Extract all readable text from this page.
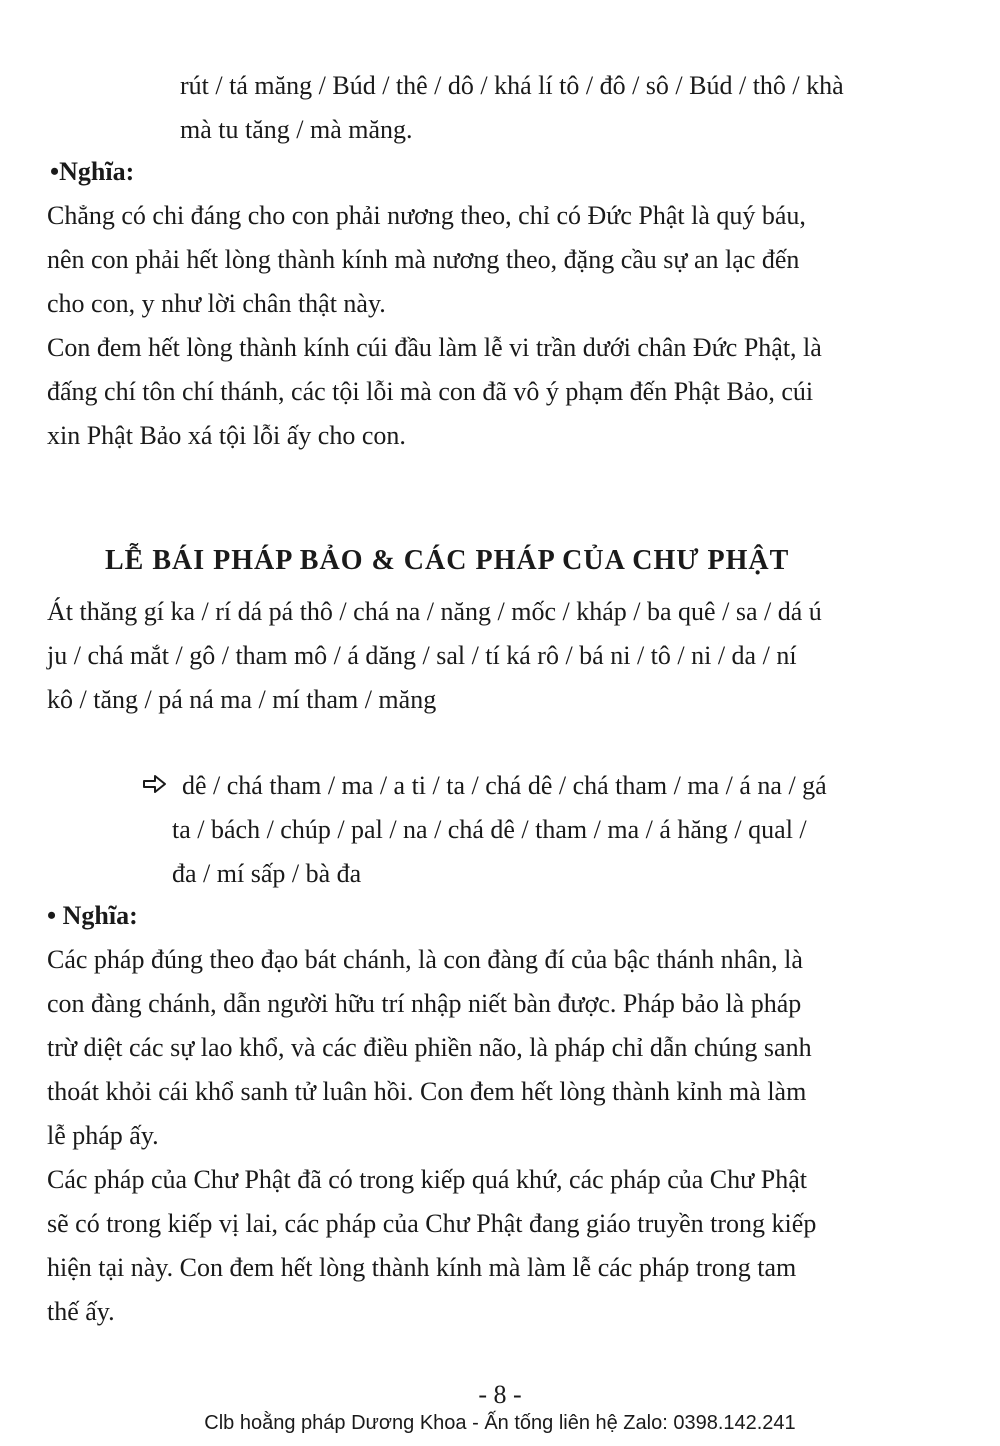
rút / tá măng / Búd / thê / dô / khá lí tô / đô / sô / Búd / thô / khà

mà tu tăng / mà măng.

•Nghĩa:

Chẳng có chi đáng cho con phải nương theo, chỉ có Đức Phật là quý báu,

nên con phải hết lòng thành kính mà nương theo, đặng cầu sự an lạc đến

cho con, y như lời chân thật này.

Con đem hết lòng thành kính cúi đầu làm lễ vi trần dưới chân Đức Phật, là

đấng chí tôn chí thánh, các tội lỗi mà con đã vô ý phạm đến Phật Bảo, cúi

xin Phật Bảo xá tội lỗi ấy cho con.

LỄ BÁI PHÁP BẢO & CÁC PHÁP CỦA CHƯ PHẬT

Át thăng gí ka / rí dá pá thô / chá na / năng / mốc / kháp / ba quê / sa / dá ú

ju / chá mắt / gô / tham mô / á dăng / sal / tí ká rô / bá ni / tô / ni / da / ní

kô / tăng / pá ná ma / mí tham / măng

dê / chá tham / ma / a ti / ta / chá dê / chá tham / ma / á na / gá

ta / bách / chúp / pal / na / chá dê / tham / ma / á hăng / qual /

đa / mí sấp / bà đa

• Nghĩa:

Các pháp đúng theo đạo bát chánh, là con đàng đí của bậc thánh nhân, là

con đàng chánh, dẫn người hữu trí nhập niết bàn được. Pháp bảo là pháp

trừ diệt các sự lao khổ, và các điều phiền não, là pháp chỉ dẫn chúng sanh

thoát khỏi cái khổ sanh tử luân hồi. Con đem hết lòng thành kỉnh mà làm

lễ pháp ấy.

Các pháp của Chư Phật đã có trong kiếp quá khứ, các pháp của Chư Phật

sẽ có trong kiếp vị lai, các pháp của Chư Phật đang giáo truyền trong kiếp

hiện tại này. Con đem hết lòng thành kính mà làm lễ các pháp trong tam

thế ấy.

- 8 -
Clb hoằng pháp Dương Khoa - Ấn tống liên hệ Zalo: 0398.142.241
